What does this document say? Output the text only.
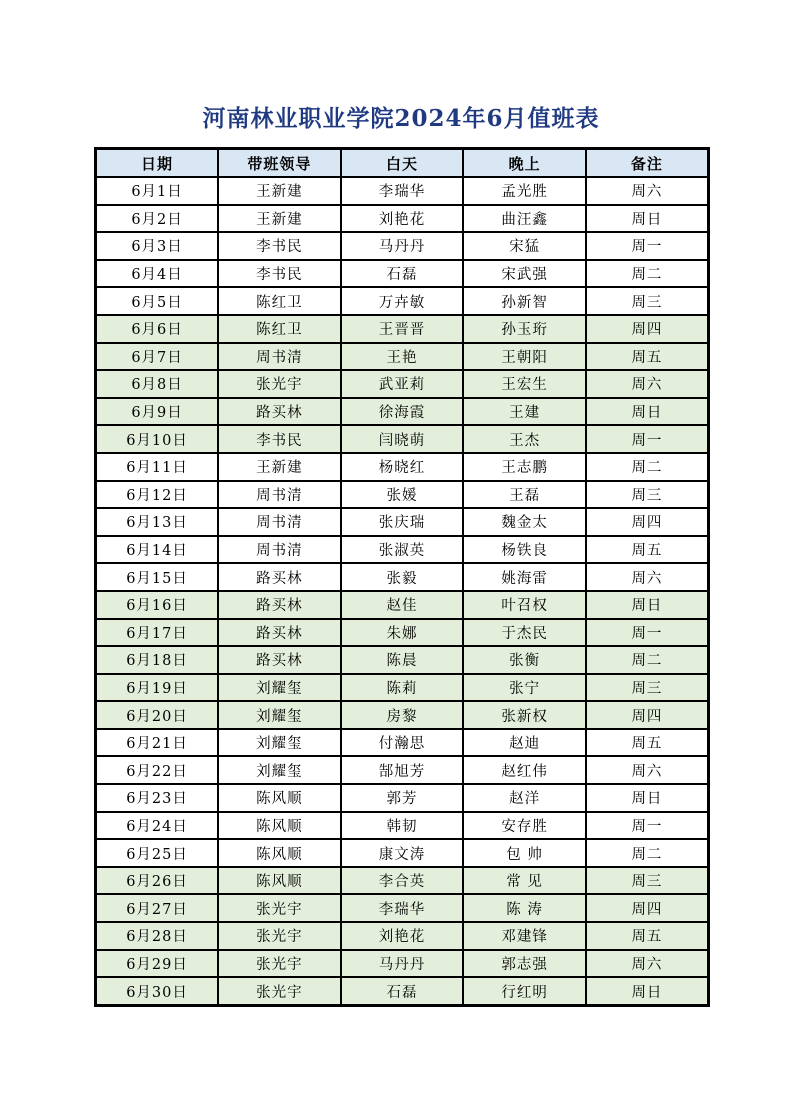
河南林业职业学院2024年6月值班表
日期	带班领导	白天	晚上	备注
6月1日	王新建	李瑞华	孟光胜	周六
6月2日	王新建	刘艳花	曲汪鑫	周日
6月3日	李书民	马丹丹	宋猛	周一
6月4日	李书民	石磊	宋武强	周二
6月5日	陈红卫	万卉敏	孙新智	周三
6月6日	陈红卫	王晋晋	孙玉珩	周四
6月7日	周书清	王艳	王朝阳	周五
6月8日	张光宇	武亚莉	王宏生	周六
6月9日	路买林	徐海霞	王建	周日
6月10日	李书民	闫晓萌	王杰	周一
6月11日	王新建	杨晓红	王志鹏	周二
6月12日	周书清	张媛	王磊	周三
6月13日	周书清	张庆瑞	魏金太	周四
6月14日	周书清	张淑英	杨铁良	周五
6月15日	路买林	张毅	姚海雷	周六
6月16日	路买林	赵佳	叶召权	周日
6月17日	路买林	朱娜	于杰民	周一
6月18日	路买林	陈晨	张衡	周二
6月19日	刘耀玺	陈莉	张宁	周三
6月20日	刘耀玺	房黎	张新权	周四
6月21日	刘耀玺	付瀚思	赵迪	周五
6月22日	刘耀玺	郜旭芳	赵红伟	周六
6月23日	陈风顺	郭芳	赵洋	周日
6月24日	陈风顺	韩韧	安存胜	周一
6月25日	陈风顺	康文涛	包 帅	周二
6月26日	陈风顺	李合英	常 见	周三
6月27日	张光宇	李瑞华	陈 涛	周四
6月28日	张光宇	刘艳花	邓建锋	周五
6月29日	张光宇	马丹丹	郭志强	周六
6月30日	张光宇	石磊	行红明	周日
